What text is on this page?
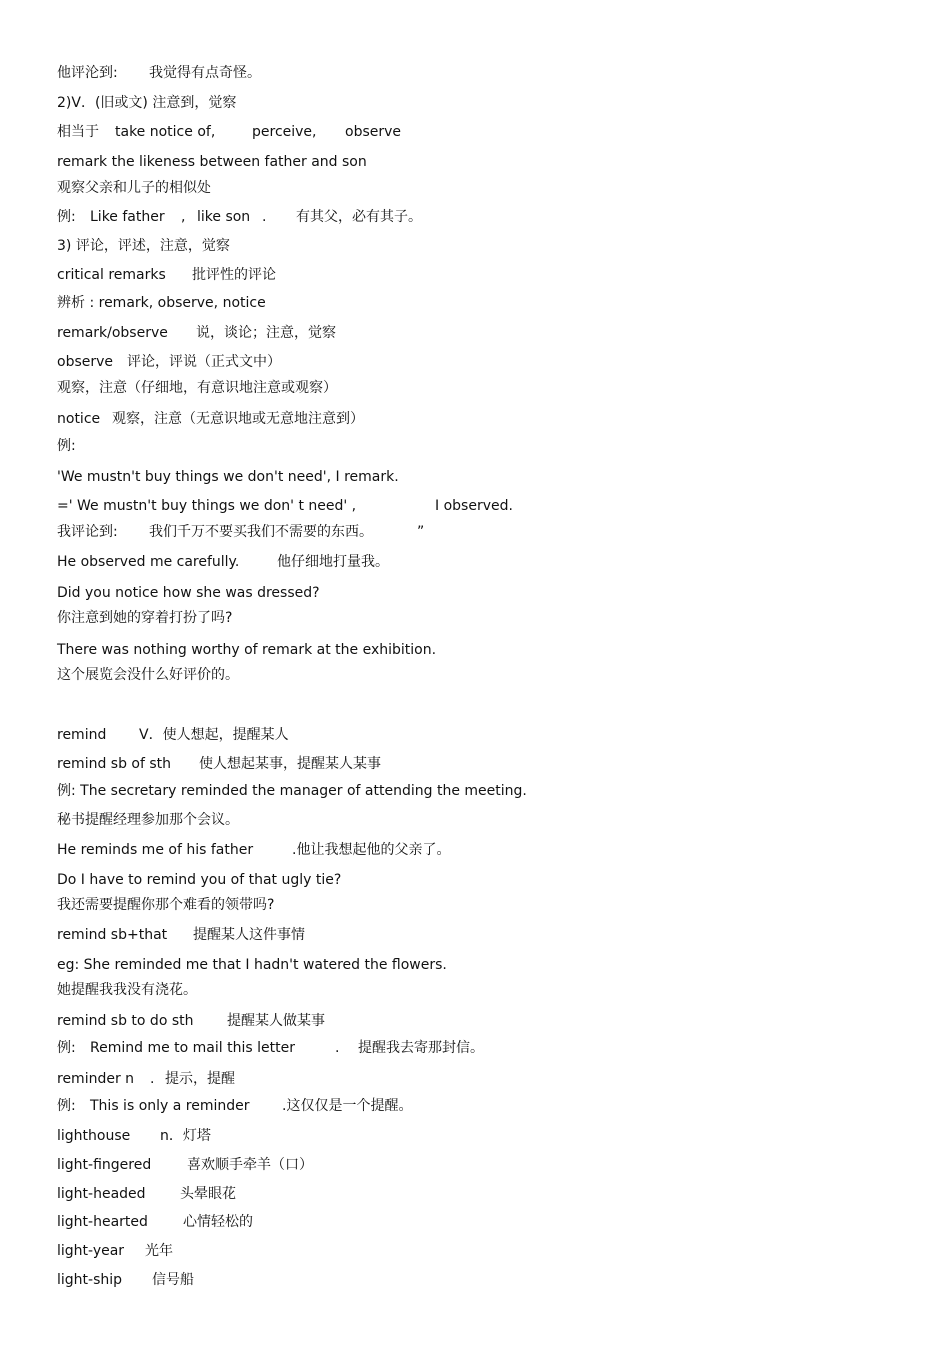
他评沦到: 我觉得有点奇怪。
2)V．(旧或文) 注意到，觉察
相当于 take notice of,	perceive, observe
remark the likeness between father and son
观察父亲和儿子的相似处
例: Like father , like son . 有其父，必有其子。
3) 评论，评述，注意，觉察
critical remarks 批评性的评论
辨析 : remark, observe, notice
remark/observe 说，谈论；注意，觉察
observe 评论，评说（正式文中）
观察，注意（仔细地，有意识地注意或观察）
notice 观察，注意（无意识地或无意地注意到）
例:
'We mustn't buy things we don't need', I remark.
=' We mustn't buy things we don' t need' ,	I observed.
我评论到: 我们千万不要买我们不需要的东西。	”
He observed me carefully.	他仔细地打量我。
Did you notice how she was dressed?
你注意到她的穿着打扮了吗?
There was nothing worthy of remark at the exhibition.
这个展览会没什么好评价的。
remind V．使人想起，提醒某人
remind sb of sth 使人想起某事，提醒某人某事
例: The secretary reminded the manager of attending the meeting.
秘书提醒经理参加那个会议。
He reminds me of his father	.他让我想起他的父亲了。
Do I have to remind you of that ugly tie?
我还需要提醒你那个难看的领带吗?
remind sb+that 提醒某人这件事情
eg: She reminded me that I hadn't watered the flowers.
她提醒我我没有浇花。
remind sb to do sth 提醒某人做某事
例: Remind me to mail this letter	. 提醒我去寄那封信。
reminder n . 提示，提醒
例: This is only a reminder .这仅仅是一个提醒。
lighthouse n．灯塔
light-fingered	喜欢顺手牵羊（口）
light-headed 头晕眼花
light-hearted	心情轻松的
light-year 光年
light-ship 信号船
